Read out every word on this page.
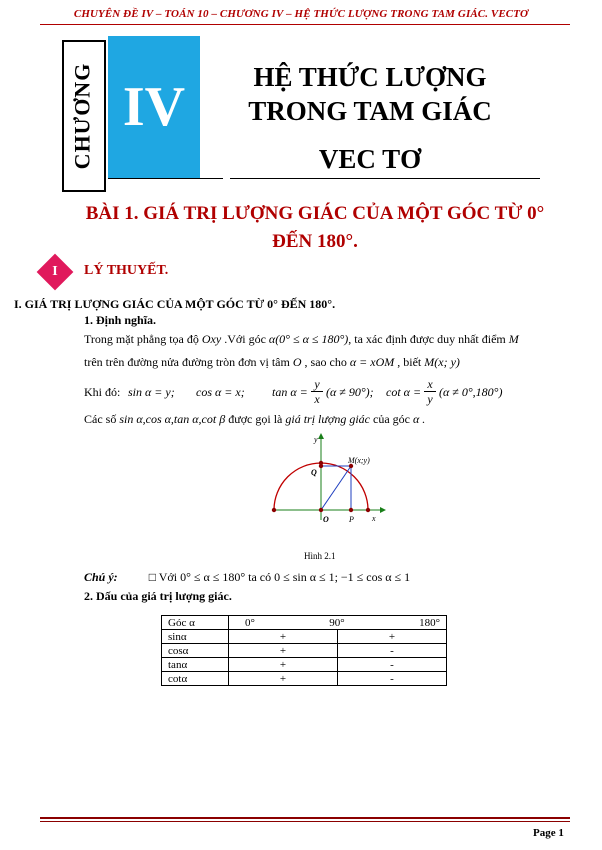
CHUYÊN ĐỀ IV – TOÁN 10 – CHƯƠNG IV – HỆ THỨC LƯỢNG TRONG TAM GIÁC. VECTƠ
CHƯƠNG IV	HỆ THỨC LƯỢNG
TRONG TAM GIÁC
VEC TƠ
BÀI 1. GIÁ TRỊ LƯỢNG GIÁC CỦA MỘT GÓC TỪ 0°
ĐẾN 180°.
I	LÝ THUYẾT.
I. GIÁ TRỊ LƯỢNG GIÁC CỦA MỘT GÓC TỪ 0° ĐẾN 180°.
1. Định nghĩa.
Trong mặt phẳng tọa độ Oxy .Với góc α(0° ≤ α ≤ 180°), ta xác định được duy nhất điểm M
trên trên đường nửa đường tròn đơn vị tâm O , sao cho α = xOM , biết M(x; y)
Khi đó: sin α = y; cos α = x; tan α =
y
x (α ≠ 90°); cot α =
x
y (α ≠ 0°,180°)
Các số sin α,cos α,tan α,cot β được gọi là giá trị lượng giác của góc α .
y
x
Q
M(x;y)
O	P
Hình 2.1
Chú ý:	□ Với 0° ≤ α ≤ 180° ta có 0 ≤ sin α ≤ 1; −1 ≤ cos α ≤ 1
2. Dấu của giá trị lượng giác.
Góc α	0° 90° 180°	

sinα	+	+
cosα	+	-
tanα	+	-
cotα	+	-
Page 1
